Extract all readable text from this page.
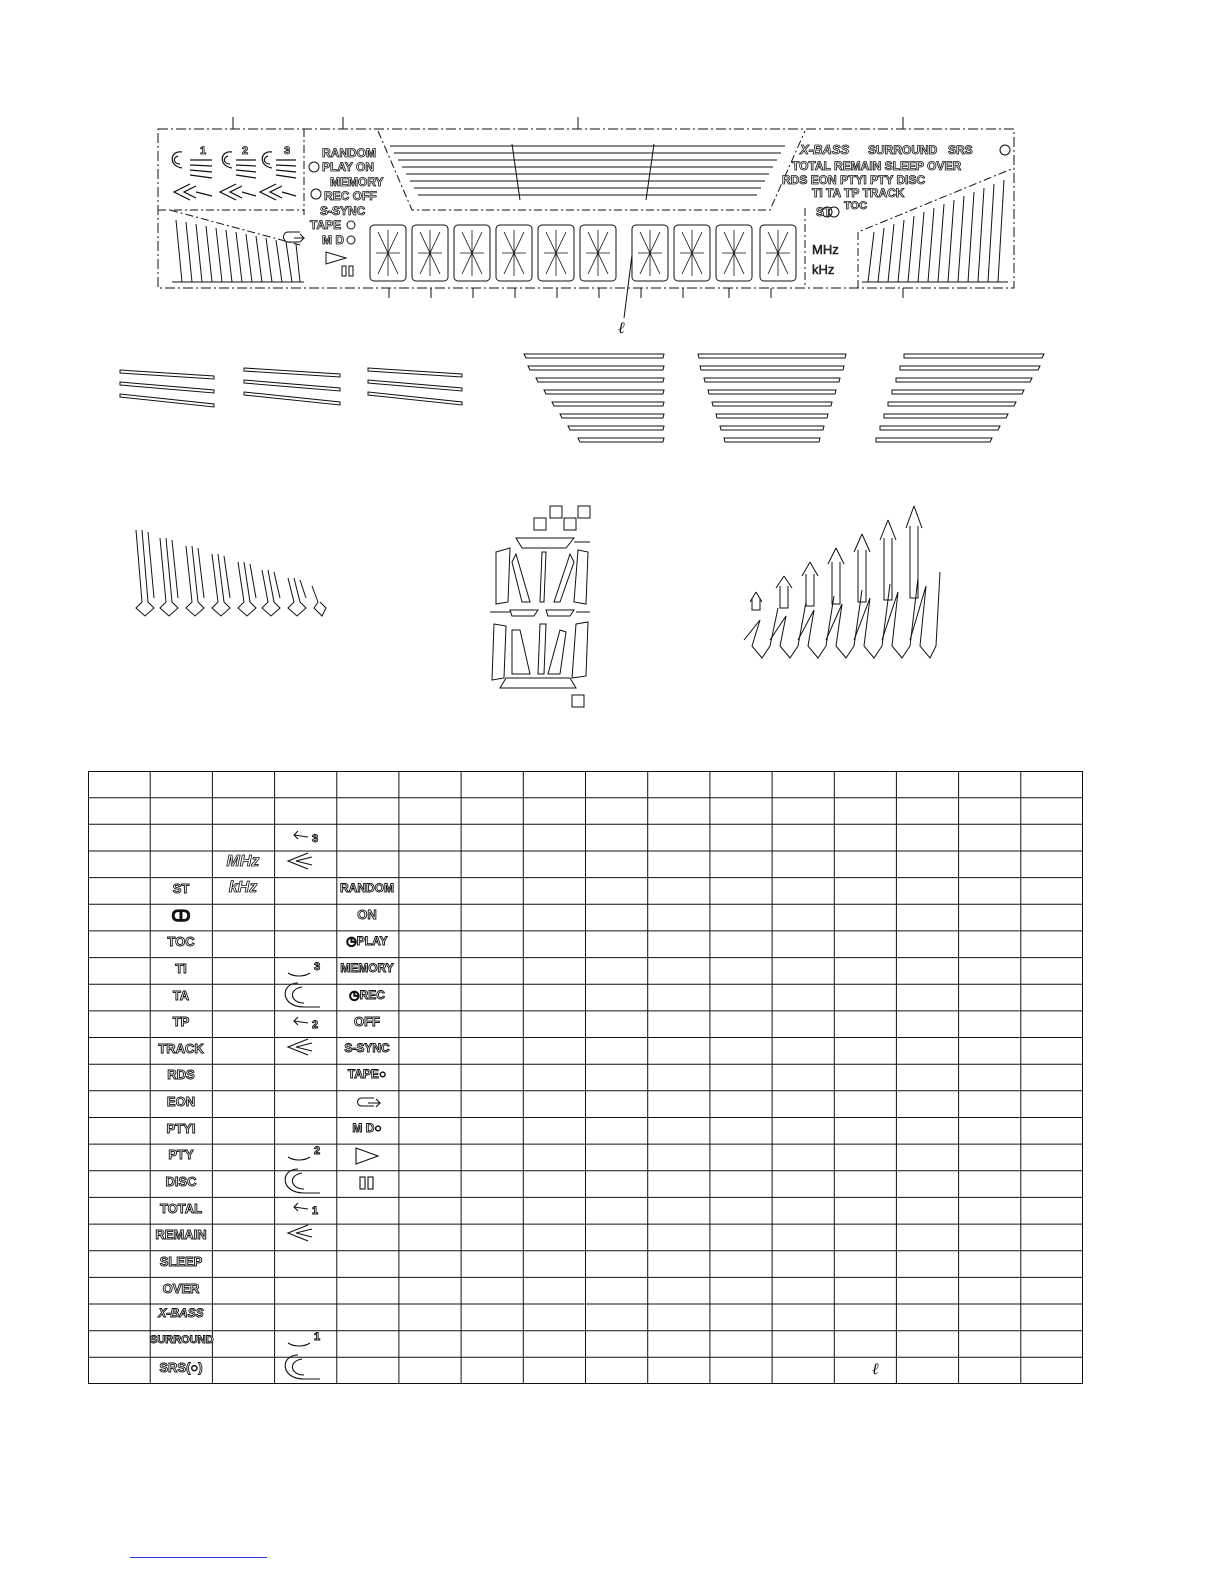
RANDOM
PLAY ON
MEMORY
REC OFF
S-SYNC
TAPE
M D
X-BASS SURROUND SRS
TOTAL REMAIN SLEEP OVER
RDS EON PTYI PTY DISC
TI TA TP TRACK
ST TOC
MHz
kHz
1	2	3
ℓ
ST
ↀ
TOC
TI
TA
TP
TRACK
RDS
EON
PTYI
PTY
DISC
TOTAL
REMAIN
SLEEP
OVER
X-BASS
SURROUND
SRS(○)
MHz
kHz
3
3
2
2
1
1
RANDOM
ON
◷PLAY
MEMORY
◷REC
OFF
S-SYNC
TAPE○
M D○
ℓ
